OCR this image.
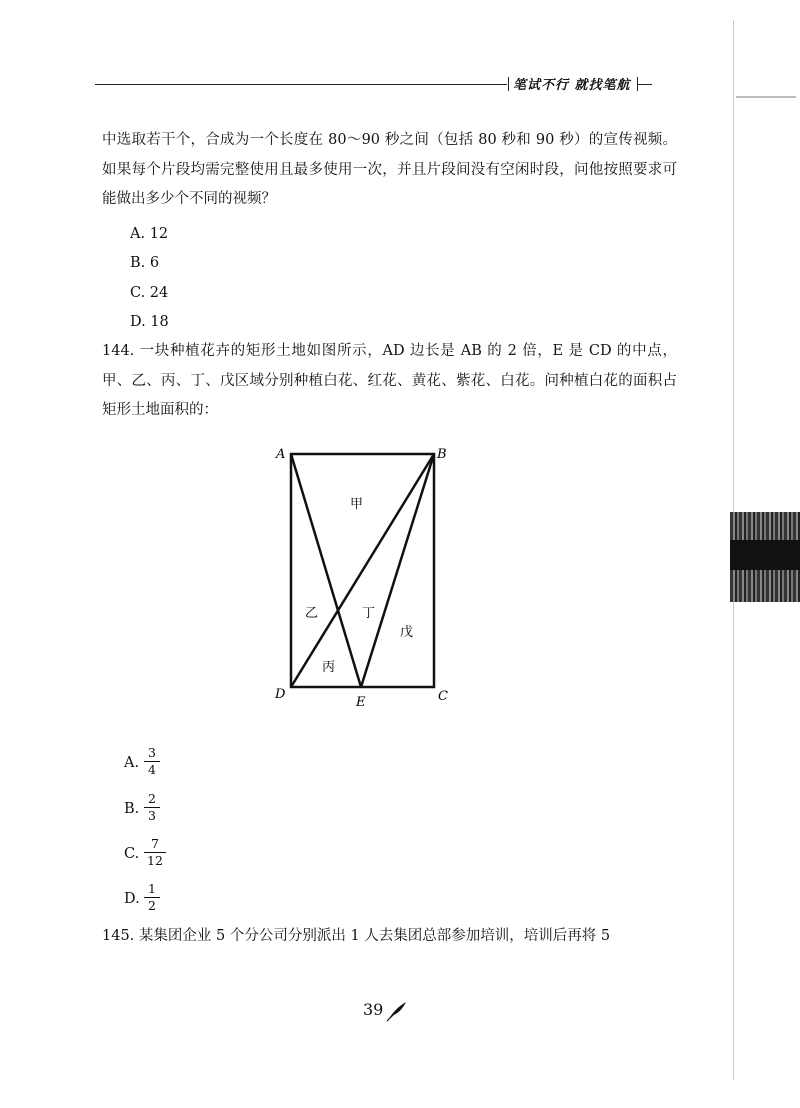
笔试不行 就找笔航

中选取若干个，合成为一个长度在 80～90 秒之间（包括 80 秒和 90 秒）的宣传视频。如果每个片段均需完整使用且最多使用一次，并且片段间没有空闲时段，问他按照要求可能做出多少个不同的视频？

A. 12
B. 6
C. 24
D. 18

144. 一块种植花卉的矩形土地如图所示，AD 边长是 AB 的 2 倍，E 是 CD 的中点，甲、乙、丙、丁、戊区域分别种植白花、红花、黄花、紫花、白花。问种植白花的面积占矩形土地面积的：

A	B
C
D
E
甲
乙
丙
丁
戊
A.
3
4
B.
2
3
C.
7
12
D.
1
2

145. 某集团企业 5 个分公司分别派出 1 人去集团总部参加培训，培训后再将 5

39
